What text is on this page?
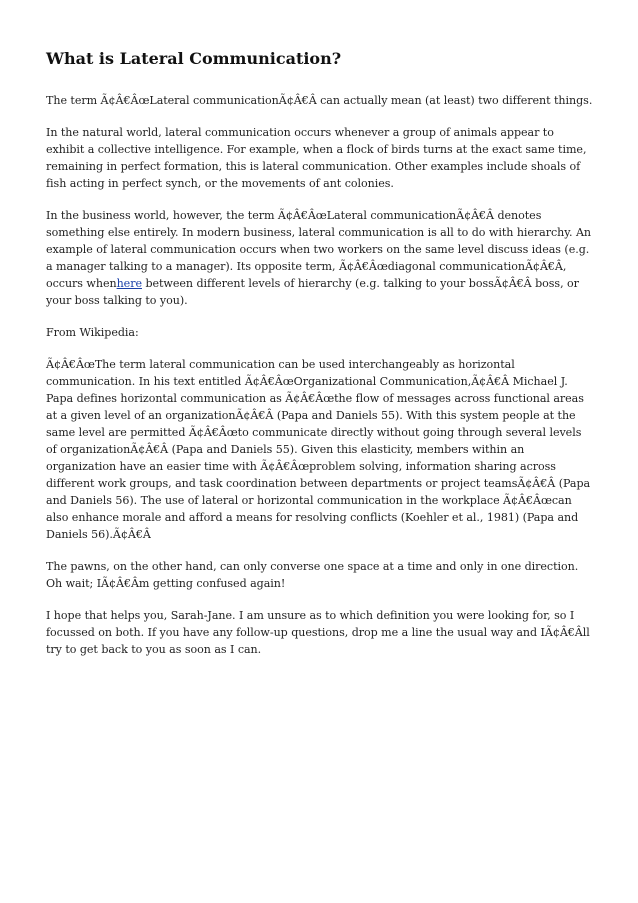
What is Lateral Communication?

The term Ã¢Â€ÂœLateral communicationÃ¢Â€Â can actually mean (at least) two different things.

In the natural world, lateral communication occurs whenever a group of animals appear to exhibit a collective intelligence. For example, when a flock of birds turns at the exact same time, remaining in perfect formation, this is lateral communication. Other examples include shoals of fish acting in perfect synch, or the movements of ant colonies.

In the business world, however, the term Ã¢Â€ÂœLateral communicationÃ¢Â€Â denotes something else entirely. In modern business, lateral communication is all to do with hierarchy. An example of lateral communication occurs when two workers on the same level discuss ideas (e.g. a manager talking to a manager). Its opposite term, Ã¢Â€Âœdiagonal communicationÃ¢Â€Â, occurs whenhere between different levels of hierarchy (e.g. talking to your bossÃ¢Â€Â boss, or your boss talking to you).

From Wikipedia:

Ã¢Â€ÂœThe term lateral communication can be used interchangeably as horizontal communication. In his text entitled Ã¢Â€ÂœOrganizational Communication,Ã¢Â€Â Michael J. Papa defines horizontal communication as Ã¢Â€Âœthe flow of messages across functional areas at a given level of an organizationÃ¢Â€Â (Papa and Daniels 55). With this system people at the same level are permitted Ã¢Â€Âœto communicate directly without going through several levels of organizationÃ¢Â€Â (Papa and Daniels 55). Given this elasticity, members within an organization have an easier time with Ã¢Â€Âœproblem solving, information sharing across different work groups, and task coordination between departments or project teamsÃ¢Â€Â (Papa and Daniels 56). The use of lateral or horizontal communication in the workplace Ã¢Â€Âœcan also enhance morale and afford a means for resolving conflicts (Koehler et al., 1981) (Papa and Daniels 56).Ã¢Â€Â

The pawns, on the other hand, can only converse one space at a time and only in one direction. Oh wait; IÃ¢Â€Âm getting confused again!

I hope that helps you, Sarah-Jane. I am unsure as to which definition you were looking for, so I focussed on both. If you have any follow-up questions, drop me a line the usual way and IÃ¢Â€Âll try to get back to you as soon as I can.
